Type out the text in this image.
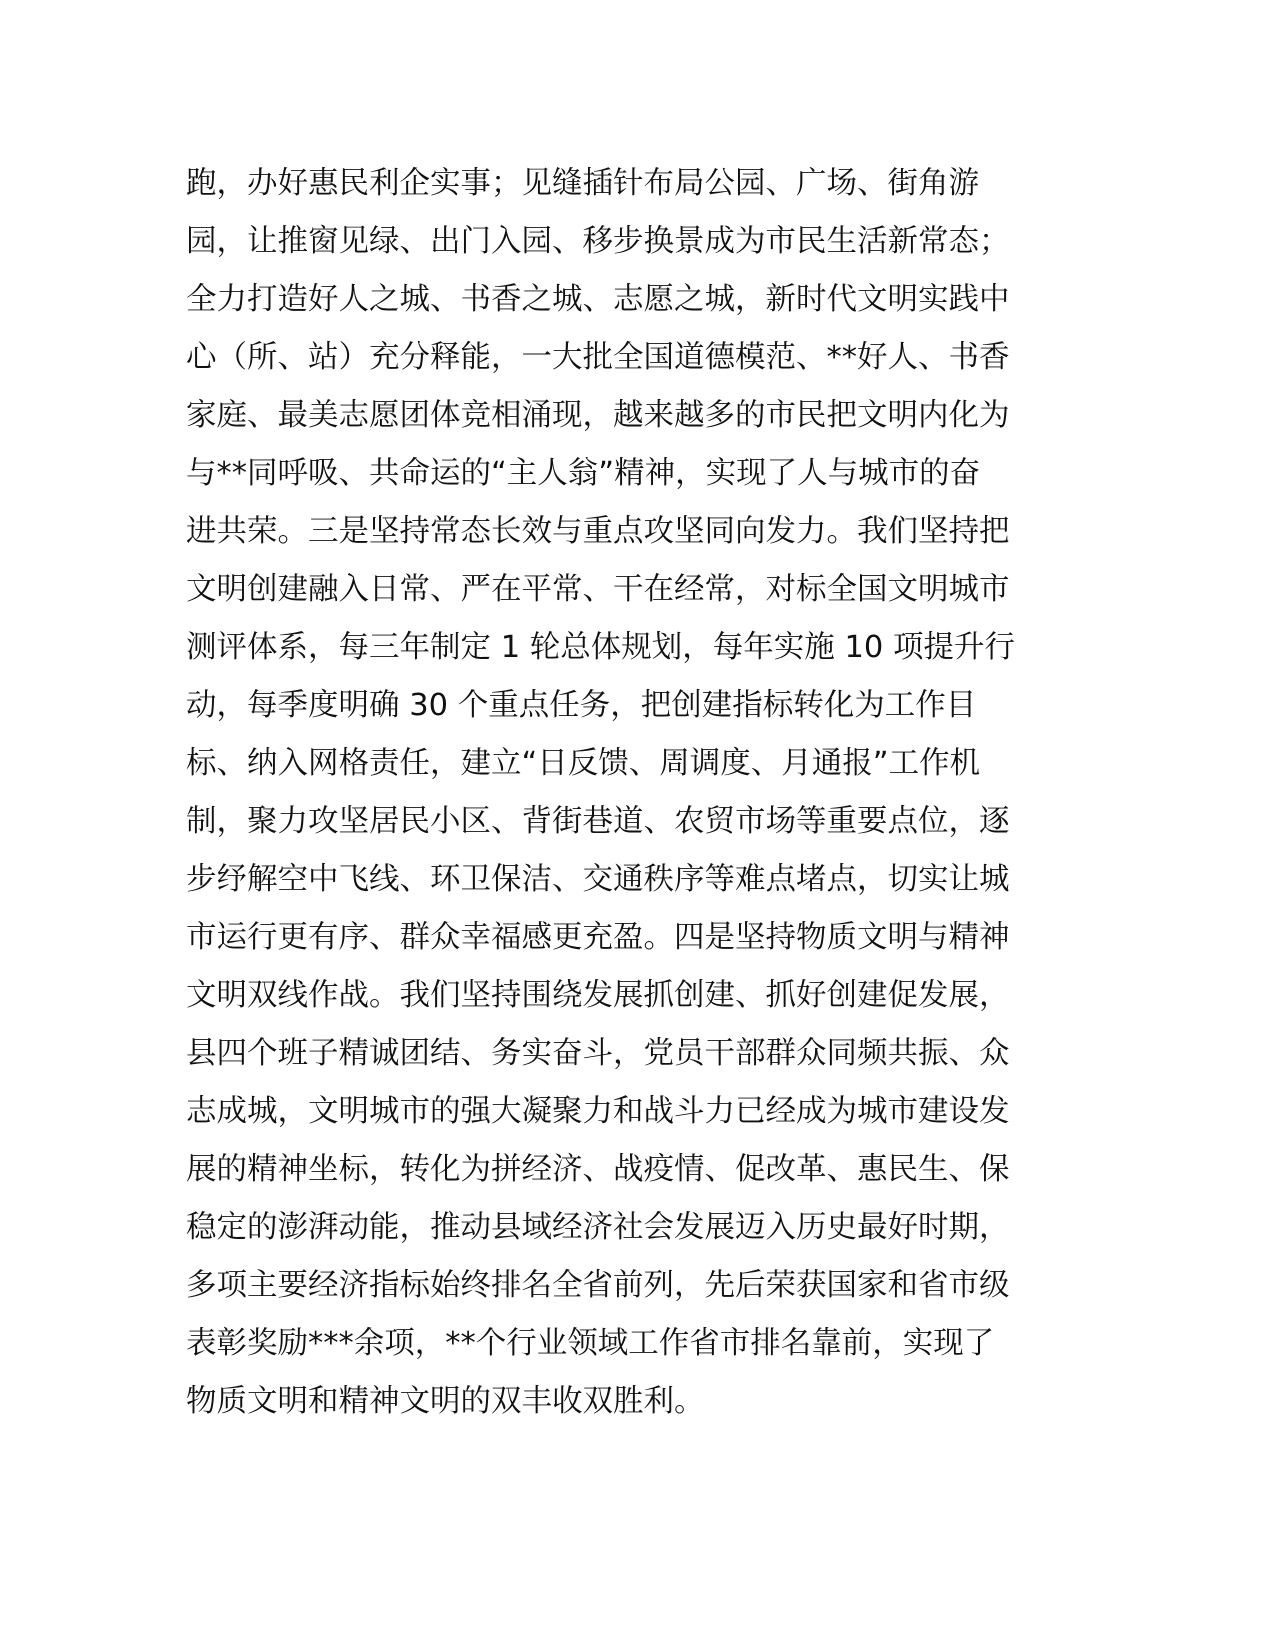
跑，办好惠民利企实事；见缝插针布局公园、广场、街角游
园，让推窗见绿、出门入园、移步换景成为市民生活新常态；
全力打造好人之城、书香之城、志愿之城，新时代文明实践中
心（所、站）充分释能，一大批全国道德模范、**好人、书香
家庭、最美志愿团体竞相涌现，越来越多的市民把文明内化为
与**同呼吸、共命运的“主人翁”精神，实现了人与城市的奋
进共荣。三是坚持常态长效与重点攻坚同向发力。我们坚持把
文明创建融入日常、严在平常、干在经常，对标全国文明城市
测评体系，每三年制定 1 轮总体规划，每年实施 10 项提升行
动，每季度明确 30 个重点任务，把创建指标转化为工作目
标、纳入网格责任，建立“日反馈、周调度、月通报”工作机
制，聚力攻坚居民小区、背街巷道、农贸市场等重要点位，逐
步纾解空中飞线、环卫保洁、交通秩序等难点堵点，切实让城
市运行更有序、群众幸福感更充盈。四是坚持物质文明与精神
文明双线作战。我们坚持围绕发展抓创建、抓好创建促发展，
县四个班子精诚团结、务实奋斗，党员干部群众同频共振、众
志成城，文明城市的强大凝聚力和战斗力已经成为城市建设发
展的精神坐标，转化为拼经济、战疫情、促改革、惠民生、保
稳定的澎湃动能，推动县域经济社会发展迈入历史最好时期，
多项主要经济指标始终排名全省前列，先后荣获国家和省市级
表彰奖励***余项，**个行业领域工作省市排名靠前，实现了
物质文明和精神文明的双丰收双胜利。
